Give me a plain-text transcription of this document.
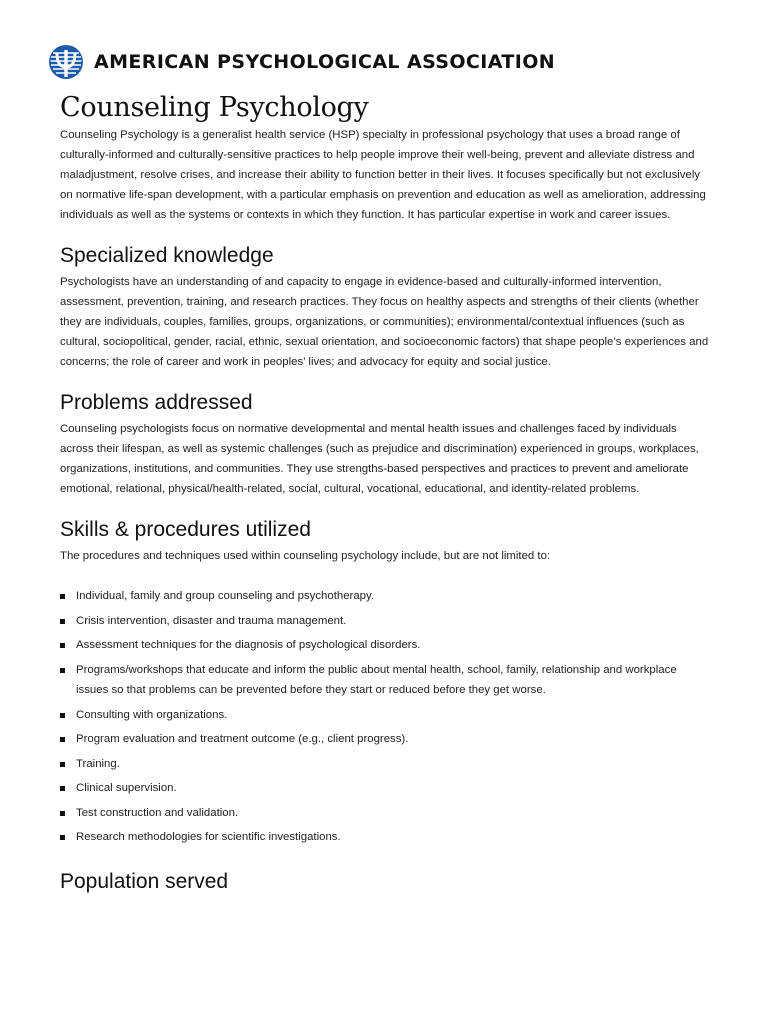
AMERICAN PSYCHOLOGICAL ASSOCIATION
Counseling Psychology

Counseling Psychology is a generalist health service (HSP) specialty in professional psychology that uses a broad range of culturally-informed and culturally-sensitive practices to help people improve their well-being, prevent and alleviate distress and maladjustment, resolve crises, and increase their ability to function better in their lives. It focuses specifically but not exclusively on normative life-span development, with a particular emphasis on prevention and education as well as amelioration, addressing individuals as well as the systems or contexts in which they function. It has particular expertise in work and career issues.

Specialized knowledge

Psychologists have an understanding of and capacity to engage in evidence-based and culturally-informed intervention, assessment, prevention, training, and research practices. They focus on healthy aspects and strengths of their clients (whether they are individuals, couples, families, groups, organizations, or communities); environmental/contextual influences (such as cultural, sociopolitical, gender, racial, ethnic, sexual orientation, and socioeconomic factors) that shape people’s experiences and concerns; the role of career and work in peoples’ lives; and advocacy for equity and social justice.

Problems addressed

Counseling psychologists focus on normative developmental and mental health issues and challenges faced by individuals across their lifespan, as well as systemic challenges (such as prejudice and discrimination) experienced in groups, workplaces, organizations, institutions, and communities. They use strengths-based perspectives and practices to prevent and ameliorate emotional, relational, physical/health-related, social, cultural, vocational, educational, and identity-related problems.

Skills & procedures utilized

The procedures and techniques used within counseling psychology include, but are not limited to:

Individual, family and group counseling and psychotherapy.
Crisis intervention, disaster and trauma management.
Assessment techniques for the diagnosis of psychological disorders.
Programs/workshops that educate and inform the public about mental health, school, family, relationship and workplace issues so that problems can be prevented before they start or reduced before they get worse.
Consulting with organizations.
Program evaluation and treatment outcome (e.g., client progress).
Training.
Clinical supervision.
Test construction and validation.
Research methodologies for scientific investigations.
Population served
